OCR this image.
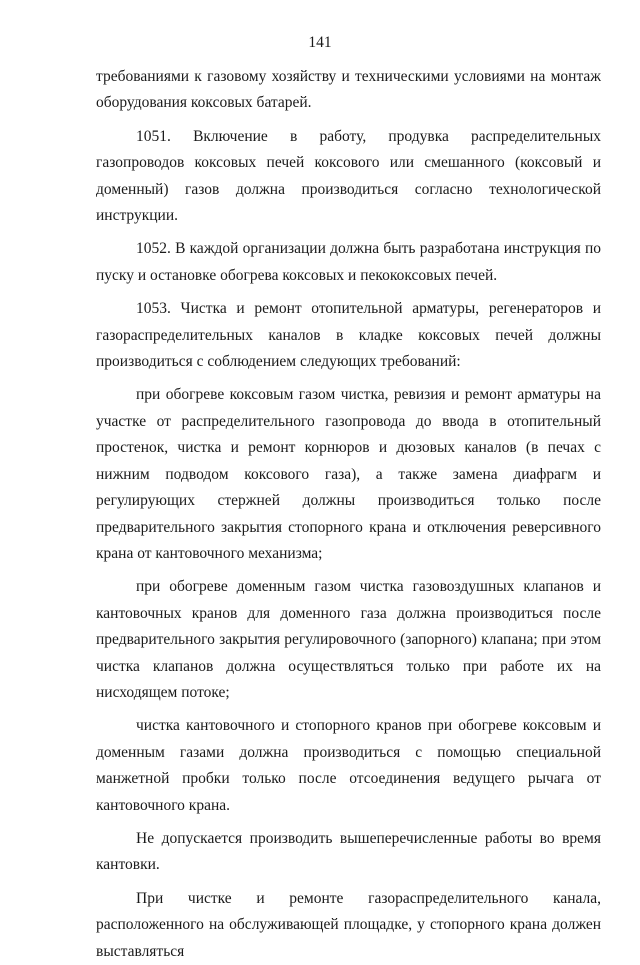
141

требованиями к газовому хозяйству и техническими условиями на монтаж оборудования коксовых батарей.

1051. Включение в работу, продувка распределительных газопроводов коксовых печей коксового или смешанного (коксовый и доменный) газов должна производиться согласно технологической инструкции.

1052. В каждой организации должна быть разработана инструкция по пуску и остановке обогрева коксовых и пекококсовых печей.

1053. Чистка и ремонт отопительной арматуры, регенераторов и газораспределительных каналов в кладке коксовых печей должны производиться с соблюдением следующих требований:

при обогреве коксовым газом чистка, ревизия и ремонт арматуры на участке от распределительного газопровода до ввода в отопительный простенок, чистка и ремонт корнюров и дюзовых каналов (в печах с нижним подводом коксового газа), а также замена диафрагм и регулирующих стержней должны производиться только после предварительного закрытия стопорного крана и отключения реверсивного крана от кантовочного механизма;

при обогреве доменным газом чистка газовоздушных клапанов и кантовочных кранов для доменного газа должна производиться после предварительного закрытия регулировочного (запорного) клапана; при этом чистка клапанов должна осуществляться только при работе их на нисходящем потоке;

чистка кантовочного и стопорного кранов при обогреве коксовым и доменным газами должна производиться с помощью специальной манжетной пробки только после отсоединения ведущего рычага от кантовочного крана.

Не допускается производить вышеперечисленные работы во время кантовки.

При чистке и ремонте газораспределительного канала, расположенного на обслуживающей площадке, у стопорного крана должен выставляться
